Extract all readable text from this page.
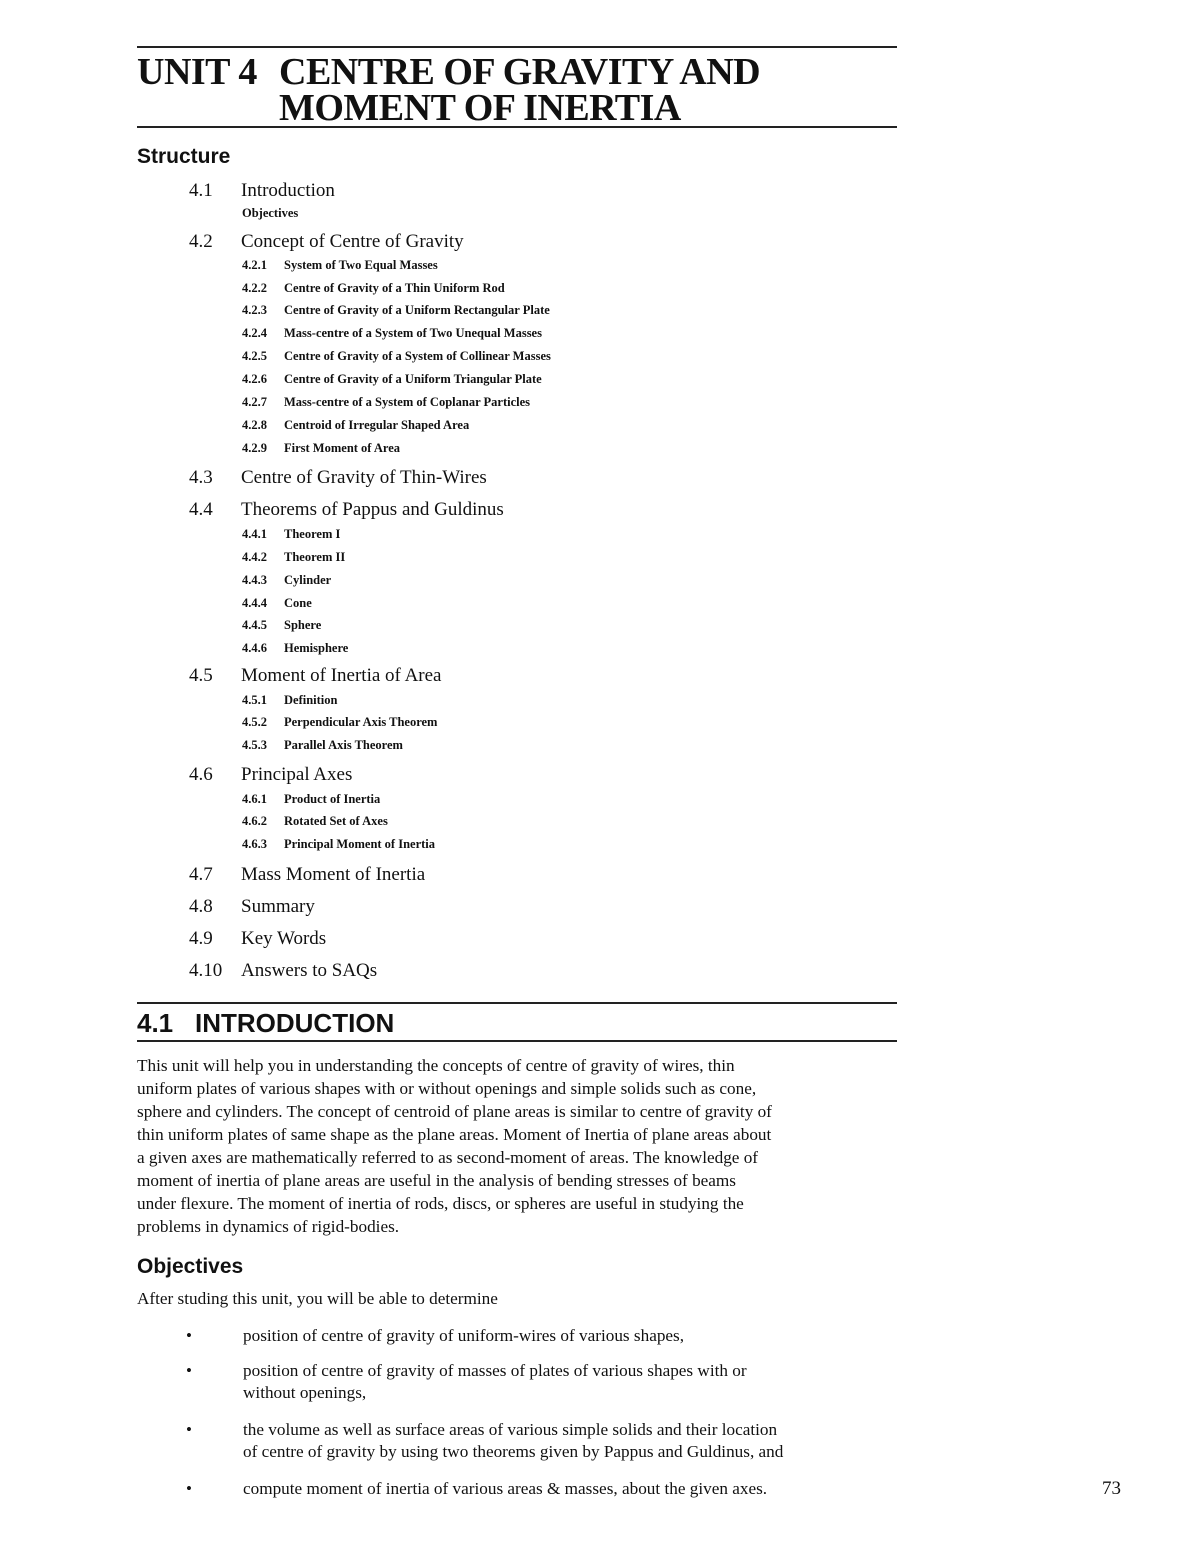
UNIT 4 CENTRE OF GRAVITY AND
MOMENT OF INERTIA
Structure
4.1 Introduction
Objectives
4.2 Concept of Centre of Gravity
4.2.1 System of Two Equal Masses
4.2.2 Centre of Gravity of a Thin Uniform Rod
4.2.3 Centre of Gravity of a Uniform Rectangular Plate
4.2.4 Mass-centre of a System of Two Unequal Masses
4.2.5 Centre of Gravity of a System of Collinear Masses
4.2.6 Centre of Gravity of a Uniform Triangular Plate
4.2.7 Mass-centre of a System of Coplanar Particles
4.2.8 Centroid of Irregular Shaped Area
4.2.9 First Moment of Area
4.3 Centre of Gravity of Thin-Wires
4.4 Theorems of Pappus and Guldinus
4.4.1 Theorem I
4.4.2 Theorem II
4.4.3 Cylinder
4.4.4 Cone
4.4.5 Sphere
4.4.6 Hemisphere
4.5 Moment of Inertia of Area
4.5.1 Definition
4.5.2 Perpendicular Axis Theorem
4.5.3 Parallel Axis Theorem
4.6 Principal Axes
4.6.1 Product of Inertia
4.6.2 Rotated Set of Axes
4.6.3 Principal Moment of Inertia
4.7 Mass Moment of Inertia
4.8 Summary
4.9 Key Words
4.10 Answers to SAQs
4.1 INTRODUCTION
This unit will help you in understanding the concepts of centre of gravity of wires, thin
uniform plates of various shapes with or without openings and simple solids such as cone,
sphere and cylinders. The concept of centroid of plane areas is similar to centre of gravity of
thin uniform plates of same shape as the plane areas. Moment of Inertia of plane areas about
a given axes are mathematically referred to as second-moment of areas. The knowledge of
moment of inertia of plane areas are useful in the analysis of bending stresses of beams
under flexure. The moment of inertia of rods, discs, or spheres are useful in studying the
problems in dynamics of rigid-bodies.
Objectives
After studing this unit, you will be able to determine
•	position of centre of gravity of uniform-wires of various shapes,
•	position of centre of gravity of masses of plates of various shapes with or
without openings,
•	the volume as well as surface areas of various simple solids and their location
of centre of gravity by using two theorems given by Pappus and Guldinus, and
•	compute moment of inertia of various areas & masses, about the given axes.	73
